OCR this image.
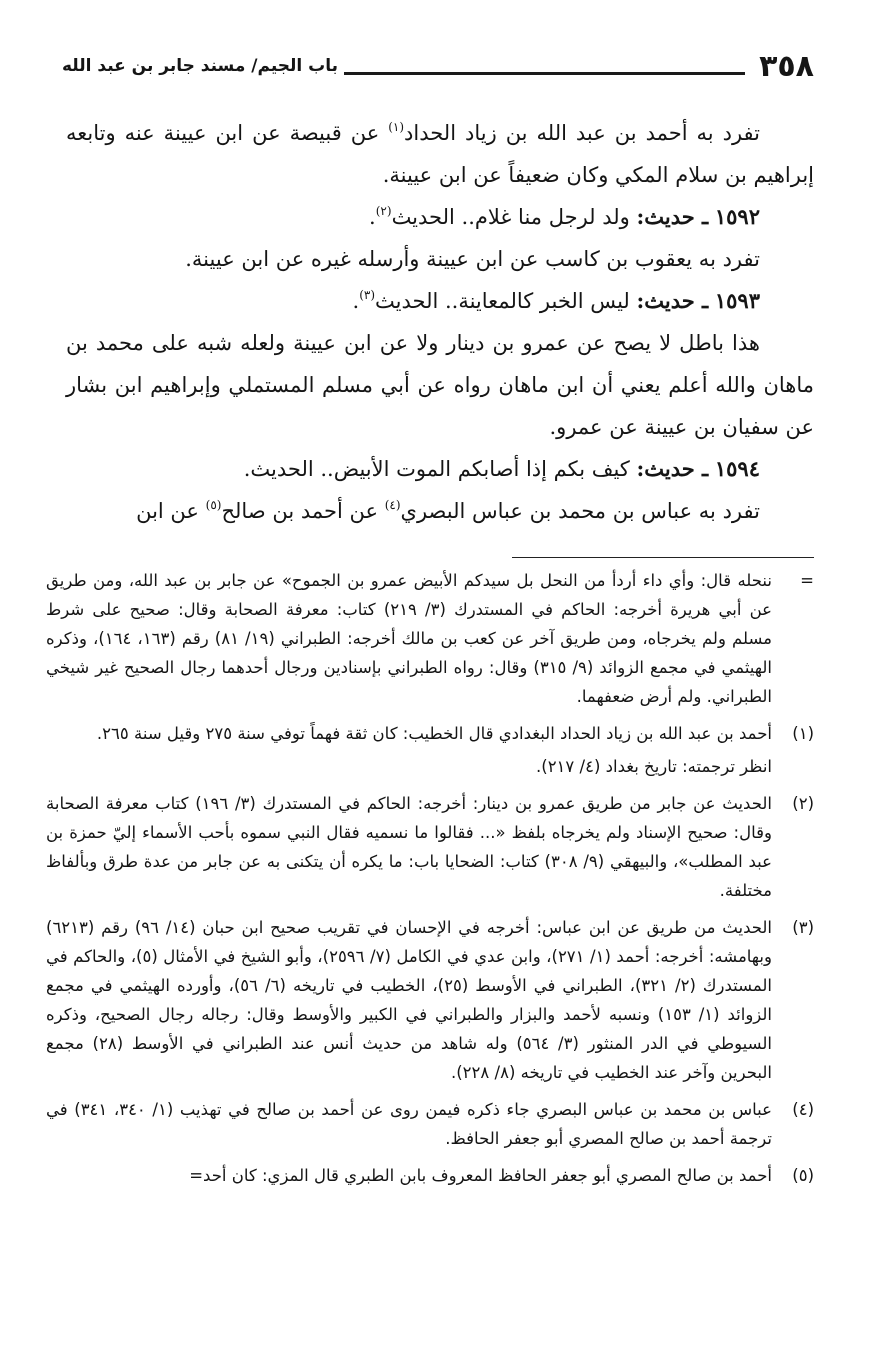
٣٥٨
باب الجيم/ مسند جابر بن عبد الله

تفرد به أحمد بن عبد الله بن زياد الحداد$^{(١)}$ عن قبيصة عن ابن عيينة عنه وتابعه إبراهيم بن سلام المكي وكان ضعيفاً عن ابن عيينة.

١٥٩٢ ـ حديث: ولد لرجل منا غلام.. الحديث$^{(٢)}$.

تفرد به يعقوب بن كاسب عن ابن عيينة وأرسله غيره عن ابن عيينة.

١٥٩٣ ـ حديث: ليس الخبر كالمعاينة.. الحديث$^{(٣)}$.

هذا باطل لا يصح عن عمرو بن دينار ولا عن ابن عيينة ولعله شبه على محمد بن ماهان والله أعلم يعني أن ابن ماهان رواه عن أبي مسلم المستملي وإبراهيم ابن بشار عن سفيان بن عيينة عن عمرو.

١٥٩٤ ـ حديث: كيف بكم إذا أصابكم الموت الأبيض.. الحديث.

تفرد به عباس بن محمد بن عباس البصري$^{(٤)}$ عن أحمد بن صالح$^{(٥)}$ عن ابن

=
ننحله قال: وأي داء أردأ من النحل بل سيدكم الأبيض عمرو بن الجموح» عن جابر بن عبد الله، ومن طريق عن أبي هريرة أخرجه: الحاكم في المستدرك (٣/ ٢١٩) كتاب: معرفة الصحابة وقال: صحيح على شرط مسلم ولم يخرجاه، ومن طريق آخر عن كعب بن مالك أخرجه: الطبراني (١٩/ ٨١) رقم (١٦٣، ١٦٤)، وذكره الهيثمي في مجمع الزوائد (٩/ ٣١٥) وقال: رواه الطبراني بإسنادين ورجال أحدهما رجال الصحيح غير شيخي الطبراني. ولم أرض ضعفهما.
(١)
أحمد بن عبد الله بن زياد الحداد البغدادي قال الخطيب: كان ثقة فهماً توفي سنة ٢٧٥ وقيل سنة ٢٦٥.
انظر ترجمته: تاريخ بغداد (٤/ ٢١٧).
(٢)
الحديث عن جابر من طريق عمرو بن دينار: أخرجه: الحاكم في المستدرك (٣/ ١٩٦) كتاب معرفة الصحابة وقال: صحيح الإسناد ولم يخرجاه بلفظ «... فقالوا ما نسميه فقال النبي سموه بأحب الأسماء إليّ حمزة بن عبد المطلب»، والبيهقي (٩/ ٣٠٨) كتاب: الضحايا باب: ما يكره أن يتكنى به عن جابر من عدة طرق وبألفاظ مختلفة.
(٣)
الحديث من طريق عن ابن عباس: أخرجه في الإحسان في تقريب صحيح ابن حبان (١٤/ ٩٦) رقم (٦٢١٣) وبهامشه: أخرجه: أحمد (١/ ٢٧١)، وابن عدي في الكامل (٧/ ٢٥٩٦)، وأبو الشيخ في الأمثال (٥)، والحاكم في المستدرك (٢/ ٣٢١)، الطبراني في الأوسط (٢٥)، الخطيب في تاريخه (٦/ ٥٦)، وأورده الهيثمي في مجمع الزوائد (١/ ١٥٣) ونسبه لأحمد والبزار والطبراني في الكبير والأوسط وقال: رجاله رجال الصحيح، وذكره السيوطي في الدر المنثور (٣/ ٥٦٤) وله شاهد من حديث أنس عند الطبراني في الأوسط (٢٨) مجمع البحرين وآخر عند الخطيب في تاريخه (٨/ ٢٢٨).
(٤)
عباس بن محمد بن عباس البصري جاء ذكره فيمن روى عن أحمد بن صالح في تهذيب (١/ ٣٤٠، ٣٤١) في ترجمة أحمد بن صالح المصري أبو جعفر الحافظ.
(٥)
أحمد بن صالح المصري أبو جعفر الحافظ المعروف بابن الطبري قال المزي: كان أحد=
